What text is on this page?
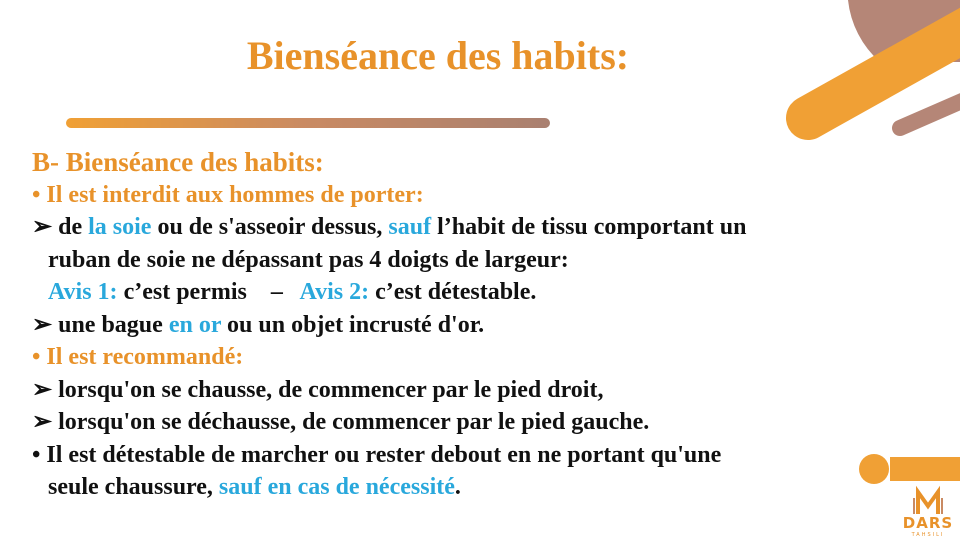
Bienséance des habits:
B- Bienséance des habits:
• Il est interdit aux hommes de porter:
➢ de la soie ou de s'asseoir dessus, sauf l’habit de tissu comportant un
ruban de soie ne dépassant pas 4 doigts de largeur:
Avis 1: c’est permis    –   Avis 2: c’est détestable.
➢ une bague en or ou un objet incrusté d'or.
• Il est recommandé:
➢ lorsqu'on se chausse, de commencer par le pied droit,
➢ lorsqu'on se déchausse, de commencer par le pied gauche.
• Il est détestable de marcher ou rester debout en ne portant qu'une
seule chaussure, sauf en cas de nécessité.
DARS
TAHSILI
